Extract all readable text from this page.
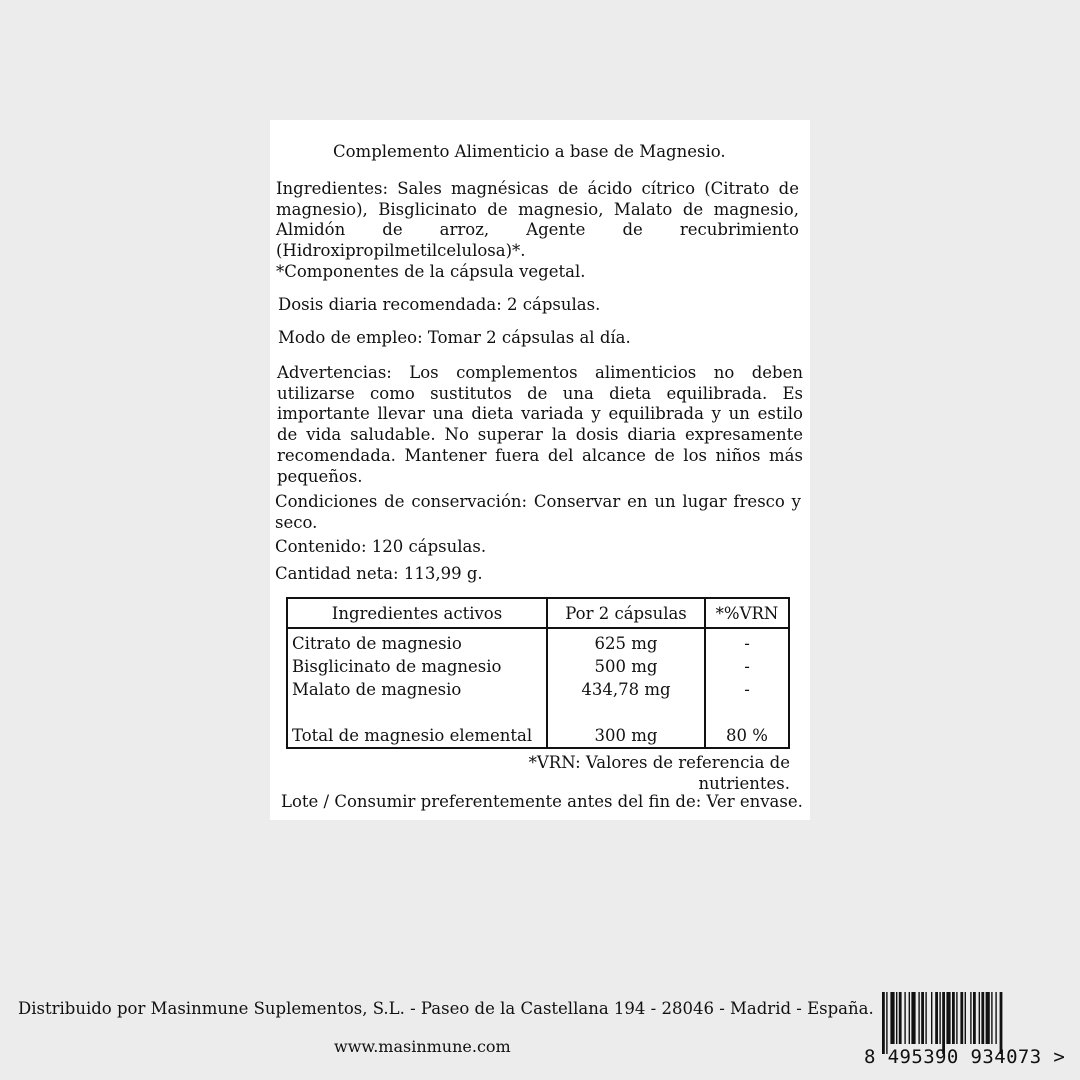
Complemento Alimenticio a base de Magnesio.

Ingredientes: Sales magnésicas de ácido cítrico (Citrato de magnesio), Bisglicinato de magnesio, Malato de magnesio, Almidón de arroz, Agente de recubrimiento (Hidroxipropilmetilcelulosa)*.

*Componentes de la cápsula vegetal.

Dosis diaria recomendada: 2 cápsulas.

Modo de empleo: Tomar 2 cápsulas al día.

Advertencias: Los complementos alimenticios no deben utilizarse como sustitutos de una dieta equilibrada. Es importante llevar una dieta variada y equilibrada y un estilo de vida saludable. No superar la dosis diaria expresamente recomendada. Mantener fuera del alcance de los niños más pequeños.

Condiciones de conservación: Conservar en un lugar fresco y seco.

Contenido: 120 cápsulas.

Cantidad neta: 113,99 g.

Ingredientes activos	Por 2 cápsulas	*%VRN
Citrato de magnesio	625 mg	-
Bisglicinato de magnesio	500 mg	-
Malato de magnesio	434,78 mg	-

Total de magnesio elemental	300 mg	80 %

*VRN: Valores de referencia de nutrientes.

Lote / Consumir preferentemente antes del fin de: Ver envase.

Distribuido por Masinmune Suplementos, S.L. - Paseo de la Castellana 194 - 28046 - Madrid - España.
www.masinmune.com	8 495390 934073 >
